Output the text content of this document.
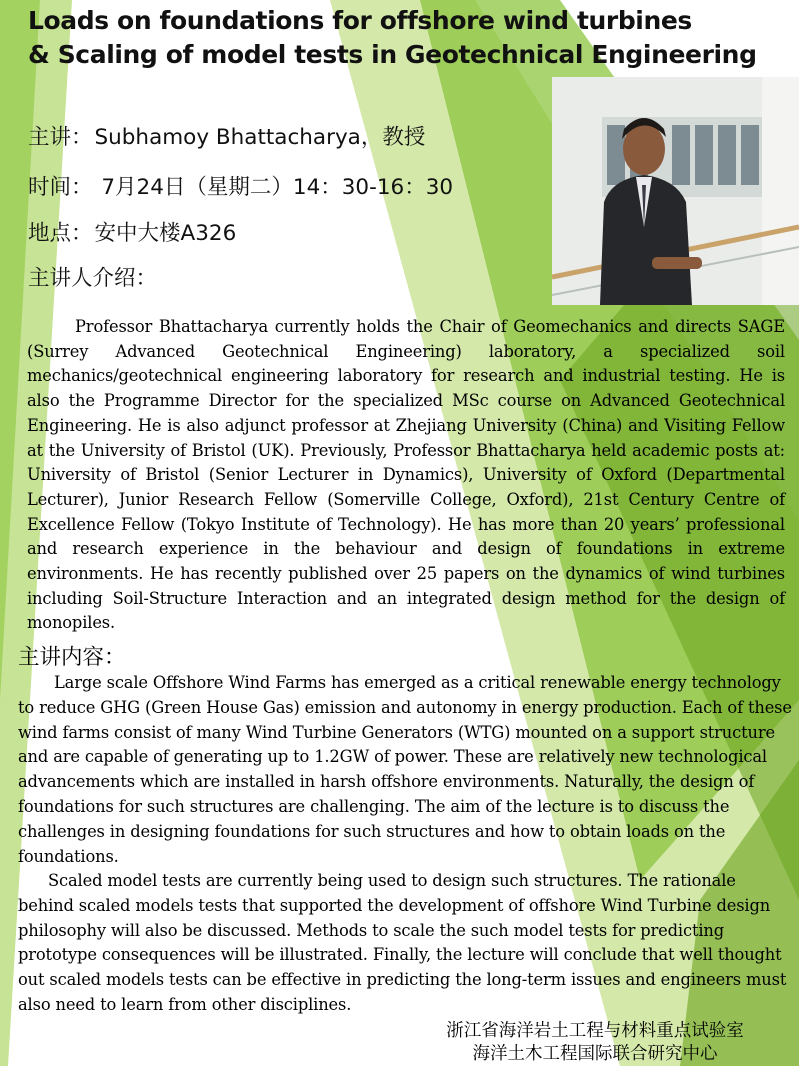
Loads on foundations for offshore wind turbines
& Scaling of model tests in Geotechnical Engineering
主讲：Subhamoy Bhattacharya，教授
时间： 7月24日（星期二）14：30-16：30
地点：安中大楼A326
主讲人介绍：
Professor Bhattacharya currently holds the Chair of Geomechanics and directs SAGE (Surrey Advanced Geotechnical Engineering) laboratory, a specialized soil mechanics/geotechnical engineering laboratory for research and industrial testing. He is also the Programme Director for the specialized MSc course on Advanced Geotechnical Engineering. He is also adjunct professor at Zhejiang University (China) and Visiting Fellow at the University of Bristol (UK). Previously, Professor Bhattacharya held academic posts at: University of Bristol (Senior Lecturer in Dynamics), University of Oxford (Departmental Lecturer), Junior Research Fellow (Somerville College, Oxford), 21st Century Centre of Excellence Fellow (Tokyo Institute of Technology). He has more than 20 years’ professional and research experience in the behaviour and design of foundations in extreme environments. He has recently published over 25 papers on the dynamics of wind turbines including Soil-Structure Interaction and an integrated design method for the design of monopiles.
主讲内容：
Large scale Offshore Wind Farms has emerged as a critical renewable energy technology to reduce GHG (Green House Gas) emission and autonomy in energy production. Each of these wind farms consist of many Wind Turbine Generators (WTG) mounted on a support structure and are capable of generating up to 1.2GW of power. These are relatively new technological advancements which are installed in harsh offshore environments. Naturally, the design of foundations for such structures are challenging. The aim of the lecture is to discuss the challenges in designing foundations for such structures and how to obtain loads on the foundations.
Scaled model tests are currently being used to design such structures. The rationale behind scaled models tests that supported the development of offshore Wind Turbine design philosophy will also be discussed. Methods to scale the such model tests for predicting prototype consequences will be illustrated. Finally, the lecture will conclude that well thought out scaled models tests can be effective in predicting the long-term issues and engineers must also need to learn from other disciplines.
浙江省海洋岩土工程与材料重点试验室
海洋土木工程国际联合研究中心
